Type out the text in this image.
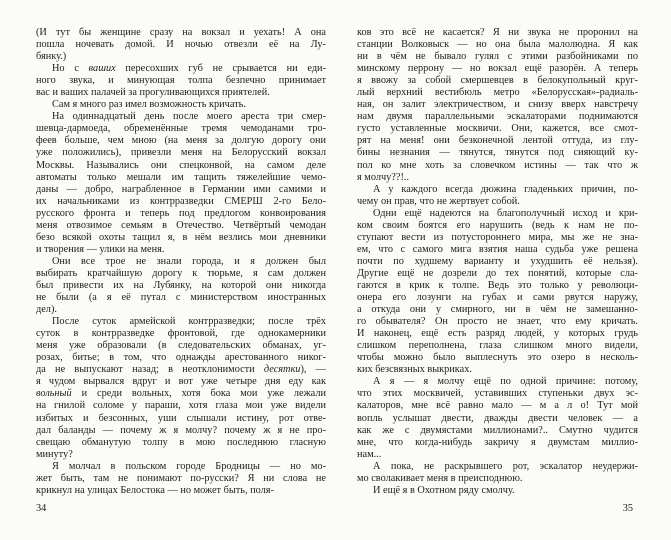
(И тут бы женщине сразу на вокзал и уехать! А она
пошла ночевать домой. И ночью отвезли её на Лу-
бянку.)
Но с ваших пересохших губ не срывается ни еди-
ного звука, и минующая толпа безпечно принимает
вас и ваших палачей за прогуливающихся приятелей.
Сам я много раз имел возможность кричать.
На одиннадцатый день после моего ареста три смер-
шевца-дармоеда, обременённые тремя чемоданами тро-
феев больше, чем мною (на меня за долгую дорогу они
уже положились), привезли меня на Белорусский вокзал
Москвы. Назывались они спецконвой, на самом деле
автоматы только мешали им тащить тяжелейшие чемо-
даны — добро, награбленное в Германии ими самими и
их начальниками из контрразведки СМЕРШ 2-го Бело-
русского фронта и теперь под предлогом конвоирования
меня отвозимое семьям в Отечество. Четвёртый чемодан
безо всякой охоты тащил я, в нём везлись мои дневники
и творения — улики на меня.
Они все трое не знали города, и я должен был
выбирать кратчайшую дорогу к тюрьме, я сам должен
был привести их на Лубянку, на которой они никогда
не были (а я её путал с министерством иностранных
дел).
После суток армейской контрразведки; после трёх
суток в контрразведке фронтовой, где однокамерники
меня уже образовали (в следовательских обманах, уг-
розах, битье; в том, что однажды арестованного никог-
да не выпускают назад; в неотклонимости десятки), —
я чудом вырвался вдруг и вот уже четыре дня еду как
вольный и среди вольных, хотя бока мои уже лежали
на гнилой соломе у параши, хотя глаза мои уже видели
избитых и безсонных, уши слышали истину, рот отве-
дал баланды — почему ж я молчу? почему ж я не про-
свещаю обманутую толпу в мою последнюю гласную
минуту?
Я молчал в польском городе Бродницы — но мо-
жет быть, там не понимают по-русски? Я ни слова не
крикнул на улицах Белостока — но может быть, поля-
34
ков это всё не касается? Я ни звука не проронил на
станции Волковыск — но она была малолюдна. Я как
ни в чём не бывало гулял с этими разбойниками по
минскому перрону — но вокзал ещё разорён. А теперь
я ввожу за собой смершевцев в белокупольный круг-
лый верхний вестибюль метро «Белорусская»-радиаль-
ная, он залит электричеством, и снизу вверх навстречу
нам двумя параллельными эскалаторами поднимаются
густо уставленные москвичи. Они, кажется, все смот-
рят на меня! они безконечной лентой оттуда, из глу-
бины незнания — тянутся, тянутся под сияющий ку-
пол ко мне хоть за словечком истины — так что ж
я молчу??!..
А у каждого всегда дюжина гладеньких причин, по-
чему он прав, что не жертвует собой.
Одни ещё надеются на благополучный исход и кри-
ком своим боятся его нарушить (ведь к нам не по-
ступают вести из потустороннего мира, мы же не зна-
ем, что с самого мига взятия наша судьба уже решена
почти по худшему варианту и ухудшить её нельзя).
Другие ещё не дозрели до тех понятий, которые сла-
гаются в крик к толпе. Ведь это только у революци-
онера его лозунги на губах и сами рвутся наружу,
а откуда они у смирного, ни в чём не замешанно-
го обывателя? Он просто не знает, что ему кричать.
И наконец, ещё есть разряд людей, у которых грудь
слишком переполнена, глаза слишком много видели,
чтобы можно было выплеснуть это озеро в несколь-
ких безсвязных выкриках.
А я — я молчу ещё по одной причине: потому,
что этих москвичей, уставивших ступеньки двух эс-
калаторов, мне всё равно мало — м а л о! Тут мой
вопль услышат двести, дважды двести человек — а
как же с двумястами миллионами?.. Смутно чудится
мне, что когда-нибудь закричу я двумстам миллио-
нам...
А пока, не раскрывшего рот, эскалатор неудержи-
мо сволакивает меня в преисподнюю.
И ещё я в Охотном ряду смолчу.
35
